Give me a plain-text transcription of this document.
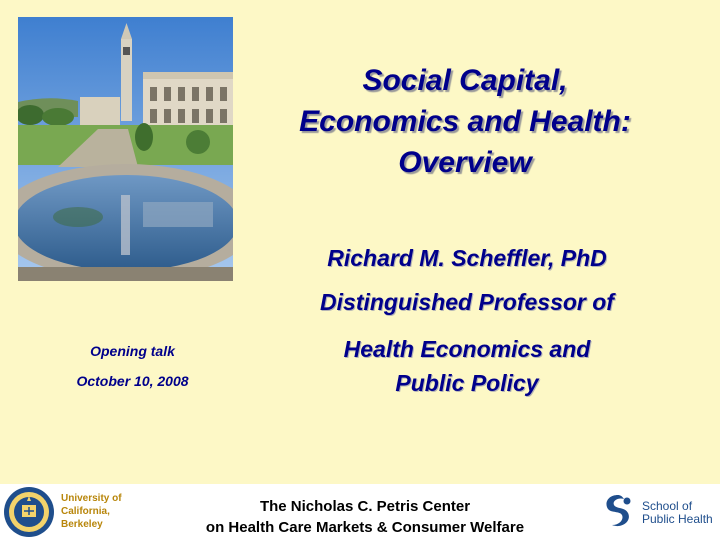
Social Capital,
Economics and Health:
Overview
Richard M. Scheffler, PhD
Distinguished Professor of
Health Economics and
Public Policy
Opening talk
October 10, 2008
University of
California,
Berkeley
The Nicholas C. Petris Center
on Health Care Markets & Consumer Welfare
School of
Public Health
